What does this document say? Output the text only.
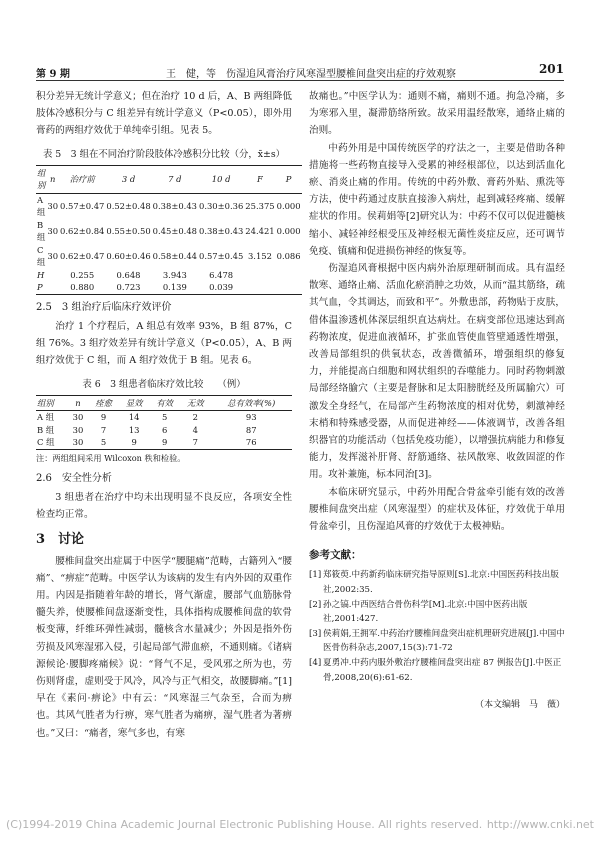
第 9 期	王　健，等　伤湿追风膏治疗风寒湿型腰椎间盘突出症的疗效观察	201

积分差异无统计学意义；但在治疗 10 d 后，A、B 两组降低肢体冷感积分与 C 组差异有统计学意义（P<0.05），即外用膏药的两组疗效优于单纯牵引组。见表 5。

表 5　3 组在不同治疗阶段肢体冷感积分比较（分，x̄±s）
组别	n	治疗前	3 d	7 d	10 d	F	P
A 组	30	0.57±0.47	0.52±0.48	0.38±0.43	0.30±0.36	25.375	0.000
B 组	30	0.62±0.84	0.55±0.50	0.45±0.48	0.38±0.43	24.421	0.000
C 组	30	0.62±0.47	0.60±0.46	0.58±0.44	0.57±0.45	3.152	0.086
H		0.255	0.648	3.943	6.478		
P		0.880	0.723	0.139	0.039		
2.5　3 组治疗后临床疗效评价

治疗 1 个疗程后，A 组总有效率 93%，B 组 87%，C 组 76%。3 组疗效差异有统计学意义（P<0.05），A、B 两组疗效优于 C 组，而 A 组疗效优于 B 组。见表 6。

表 6　3 组患者临床疗效比较　　（例）
组别	n	痊愈	显效	有效	无效	总有效率(%)
A 组	30	9	14	5	2	93
B 组	30	7	13	6	4	87
C 组	30	5	9	9	7	76
注：两组组间采用 Wilcoxon 秩和检验。
2.6　安全性分析

3 组患者在治疗中均未出现明显不良反应，各项安全性检查均正常。

3　讨论

腰椎间盘突出症属于中医学“腰腿痛”范畴，古籍列入“腰痛”、“痹症”范畴。中医学认为该病的发生有内外因的双重作用。内因是指随着年龄的增长，肾气渐虚，腰部气血筋脉骨髓失养，使腰椎间盘逐渐变性，具体指构成腰椎间盘的软骨板变薄，纤维环弹性减弱，髓核含水量减少；外因是指外伤劳损及风寒湿邪入侵，引起局部气滞血瘀，不通则痛。《诸病源候论·腰脚疼痛候》说：“肾气不足，受风邪之所为也，劳伤则肾虚，虚则受于风冷，风冷与正气相交，故腰脚痛。”[1]早在《素问·痹论》中有云：“风寒湿三气杂至，合而为痹也。其风气胜者为行痹，寒气胜者为痛痹，湿气胜者为著痹也。”又曰：“痛者，寒气多也，有寒

故痛也。”中医学认为：通则不痛，痛则不通。拘急冷痛，多为寒邪入里，凝滞筋络所致。故采用温经散寒，通络止痛的治则。

中药外用是中国传统医学的疗法之一，主要是借助各种措施将一些药物直接导入受累的神经根部位，以达到活血化瘀、消炎止痛的作用。传统的中药外敷、膏药外贴、熏洗等方法，使中药通过皮肤直接渗入病灶，起到减轻疼痛、缓解症状的作用。侯莉娟等[2]研究认为：中药不仅可以促进髓核缩小、减轻神经根受压及神经根无菌性炎症反应，还可调节免疫、镇痛和促进损伤神经的恢复等。

伤湿追风膏根据中医内病外治原理研制而成。具有温经散寒、通络止痛、活血化瘀消肿之功效，从而“温其筋络，疏其气血，令其调达，而致和平”。外敷患部，药物贴于皮肤，借体温渗透机体深层组织直达病灶。在病变部位迅速达到高药物浓度，促进血液循环，扩张血管使血管壁通透性增强，改善局部组织的供氧状态，改善微循环，增强组织的修复力，并能提高白细胞和网状组织的吞噬能力。同时药物刺激局部经络腧穴（主要是督脉和足太阳膀胱经及所属腧穴）可激发全身经气，在局部产生药物浓度的相对优势，刺激神经末梢和特殊感受器，从而促进神经——体液调节，改善各组织器官的功能活动（包括免疫功能），以增强抗病能力和修复能力，发挥滋补肝肾、舒筋通络、祛风散寒、收敛固涩的作用。攻补兼施，标本同治[3]。

本临床研究显示，中药外用配合骨盆牵引能有效的改善腰椎间盘突出症（风寒湿型）的症状及体征，疗效优于单用骨盆牵引，且伤湿追风膏的疗效优于太极神贴。

参考文献：
[1] 郑筱萸.中药新药临床研究指导原则[S].北京:中国医药科技出版社,2002:35.
[2] 孙之镐.中西医结合骨伤科学[M].北京:中国中医药出版社,2001:427.
[3] 侯莉娟,王拥军.中药治疗腰椎间盘突出症机理研究进展[J].中国中医骨伤科杂志,2007,15(3):71-72
[4] 夏勇冲.中药内服外敷治疗腰椎间盘突出症 87 例报告[J].中医正骨,2008,20(6):61-62.
（本文编辑　马　薇）
(C)1994-2019 China Academic Journal Electronic Publishing House. All rights reserved. http://www.cnki.net
